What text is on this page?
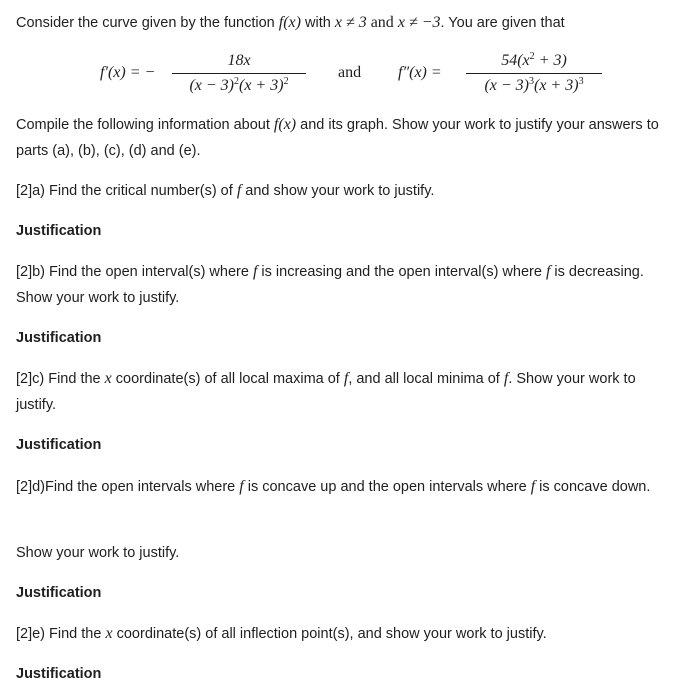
Consider the curve given by the function f(x) with x ≠ 3 and x ≠ −3. You are given that
f′(x) = −
18x
$(x - 3)^2(x + 3)^2$
and f″(x) =
$54(x^2 + 3)$
$(x - 3)^3(x + 3)^3$
Compile the following information about f(x) and its graph. Show your work to justify your answers to parts (a), (b), (c), (d) and (e).
[2]a) Find the critical number(s) of f and show your work to justify.
Justification
[2]b) Find the open interval(s) where f is increasing and the open interval(s) where f is decreasing. Show your work to justify.
Justification
[2]c) Find the x coordinate(s) of all local maxima of f, and all local minima of f. Show your work to justify.
Justification
[2]d)Find the open intervals where f is concave up and the open intervals where f is concave down.
Show your work to justify.
Justification
[2]e) Find the x coordinate(s) of all inflection point(s), and show your work to justify.
Justification
